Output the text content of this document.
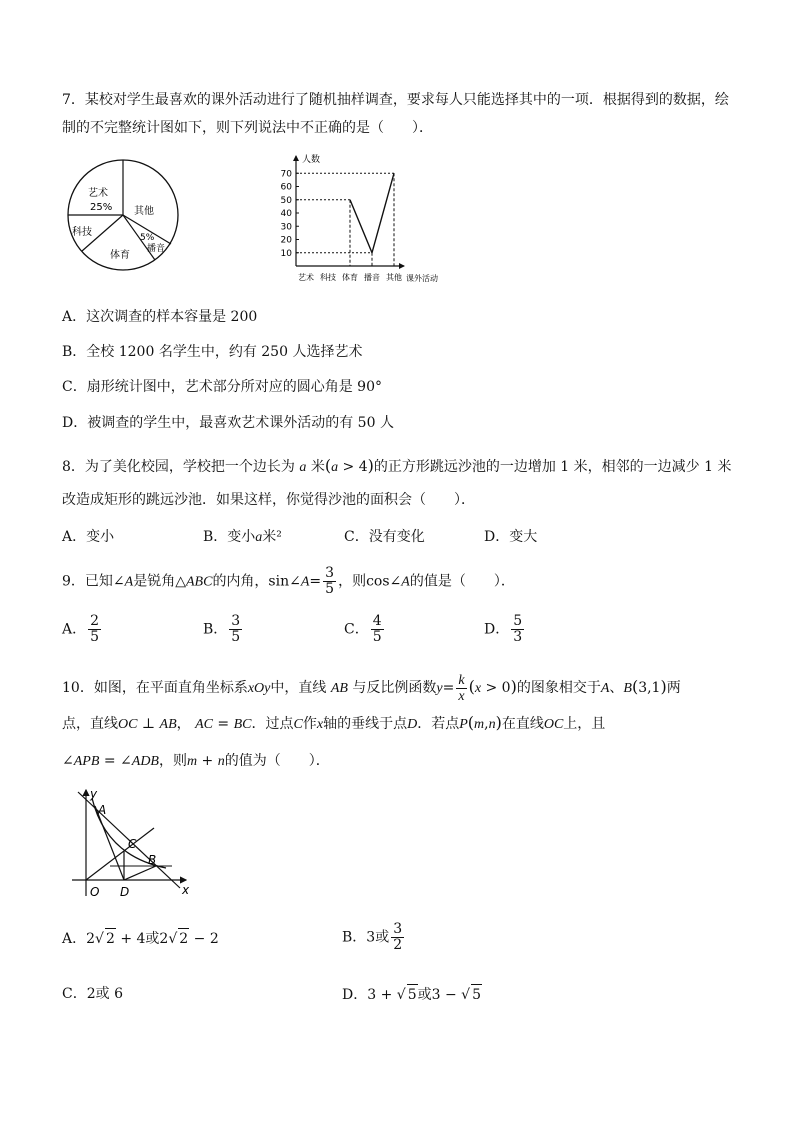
7．某校对学生最喜欢的课外活动进行了随机抽样调查，要求每人只能选择其中的一项．根据得到的数据，绘
制的不完整统计图如下，则下列说法中不正确的是（　　）．
艺术
25% 其他
科技
体育
5%
播音
人数
课外活动
10
20
30
40
50
60
70
艺术 科技 体育 播音 其他
A．这次调查的样本容量是 200
B．全校 1200 名学生中，约有 250 人选择艺术
C．扇形统计图中，艺术部分所对应的圆心角是 90°
D．被调查的学生中，最喜欢艺术课外活动的有 50 人
8．为了美化校园，学校把一个边长为 a 米(a > 4)的正方形跳远沙池的一边增加 1 米，相邻的一边减少 1 米
改造成矩形的跳远沙池．如果这样，你觉得沙池的面积会（　　）．
A．变小	B．变小a米²	C．没有变化	D．变大
9．已知∠A是锐角△ABC的内角，sin∠A= $\frac{3}{5}$ ，则cos∠A的值是（　　）．
A． $\frac{2}{5}$	B． $\frac{3}{5}$	C． $\frac{4}{5}$	D． $\frac{5}{3}$
10．如图，在平面直角坐标系xOy中，直线 AB 与反比例函数$y= \frac{k}{x} (x > 0)$的图象相交于A、B(3,1)两
点，直线OC ⊥ AB， AC = BC．过点C作x轴的垂线于点D．若点P(m,n)在直线OC上，且
∠APB = ∠ADB，则m + n的值为（　　）．
y
A
C
B
O D	x
A．2√ 2 + 4或2√ 2 − 2	B．3或 $\frac{3}{2}$
C．2或 6	D．3 + √ 5或3 − √ 5
